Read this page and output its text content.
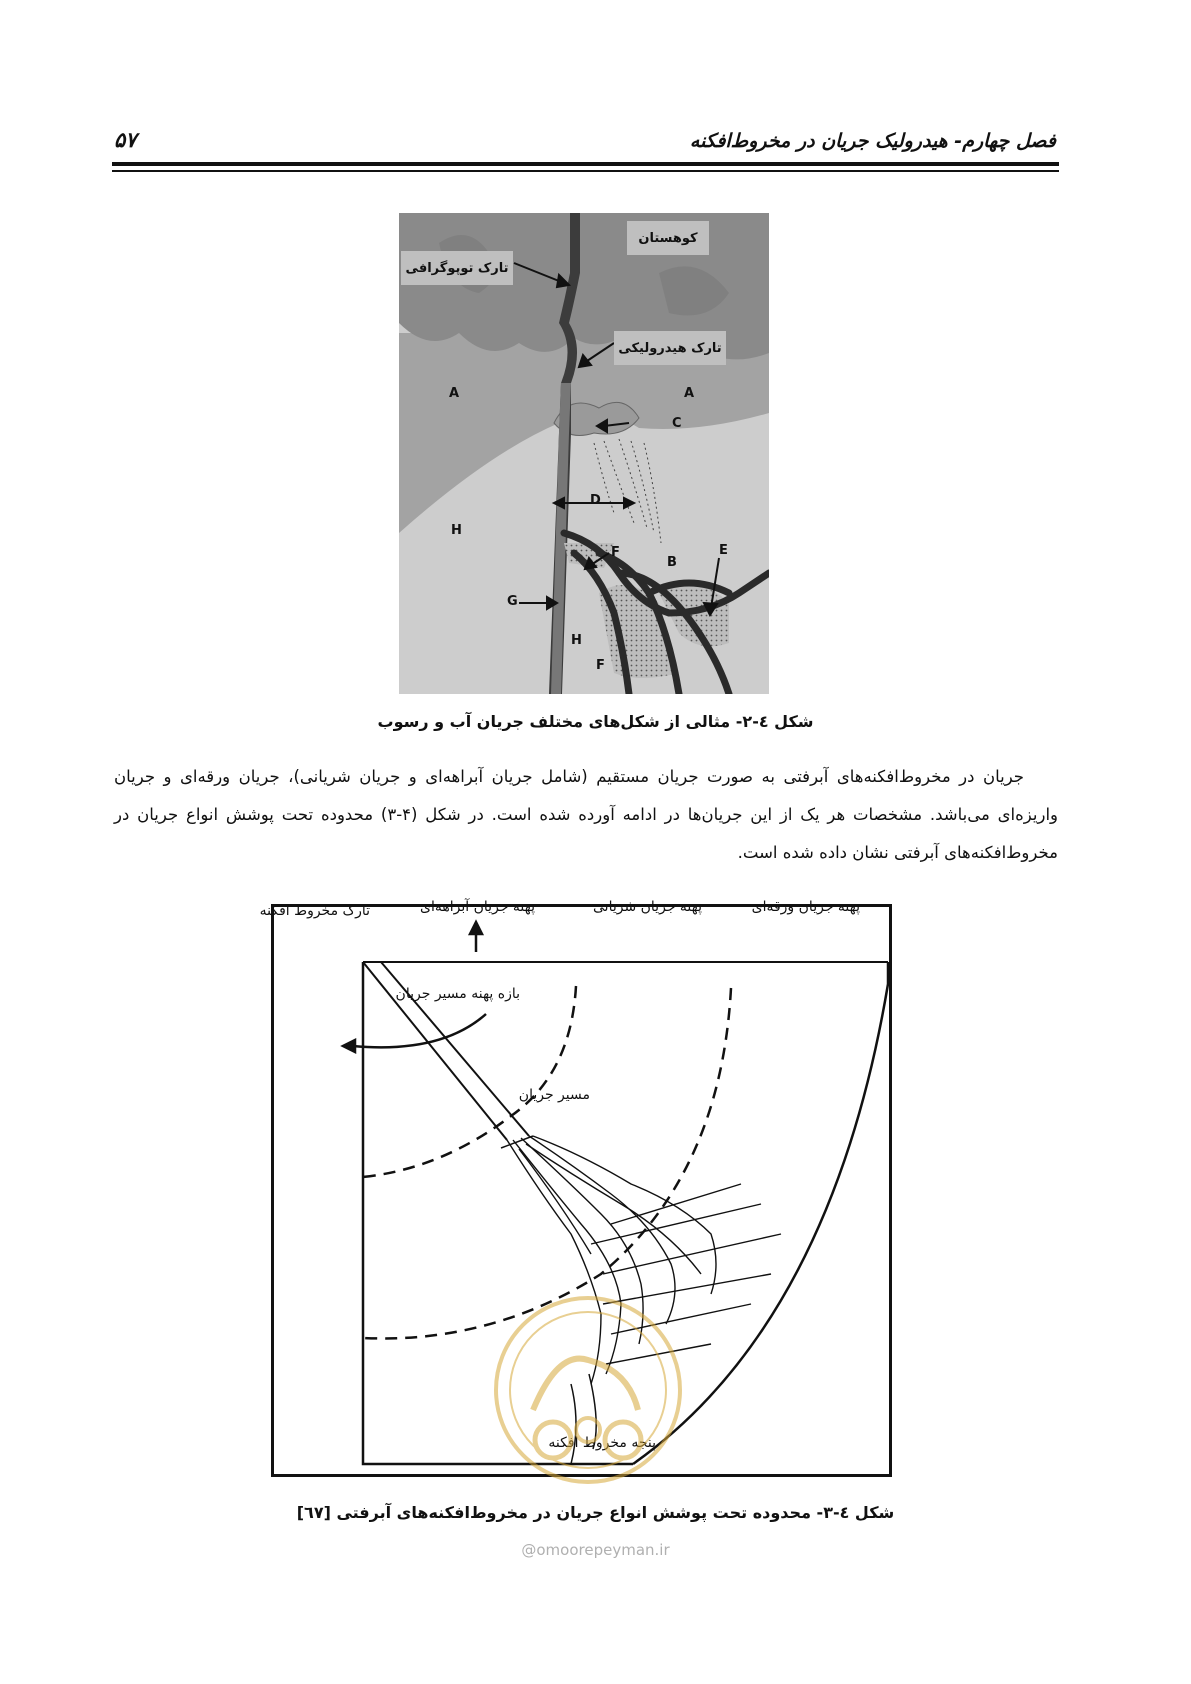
۵۷	فصل چهارم- هیدرولیک جریان در مخروط‌افکنه
کوهستان
تارک توپوگرافی
تارک هیدرولیکی
A	A
C
D
H
F
B
E
G
H
F
شکل ٤-٢- مثالی از شکل‌های مختلف جریان آب و رسوب
جریان در مخروط‌افکنه‌های آبرفتی به صورت جریان مستقیم (شامل جریان آبراهه‌ای و جریان شریانی)، جریان ورقه‌ای و جریان واریزه‌ای می‌باشد. مشخصات هر یک از این جریان‌ها در ادامه آورده شده است. در شکل (۴-۳) محدوده تحت پوشش انواع جریان در مخروط‌افکنه‌های آبرفتی نشان داده شده است.
تارک مخروط افکنه	پهنه جریان آبراهه‌ای	پهنه جریان شریانی	پهنه جریان ورقه‌ای
بازه پهنه مسیر جریان
مسیر جریان
پنجه مخروط افکنه
شکل ٤-٣- محدوده تحت پوشش انواع جریان در مخروط‌افکنه‌های آبرفتی [٦٧]
@omoorepeyman.ir
